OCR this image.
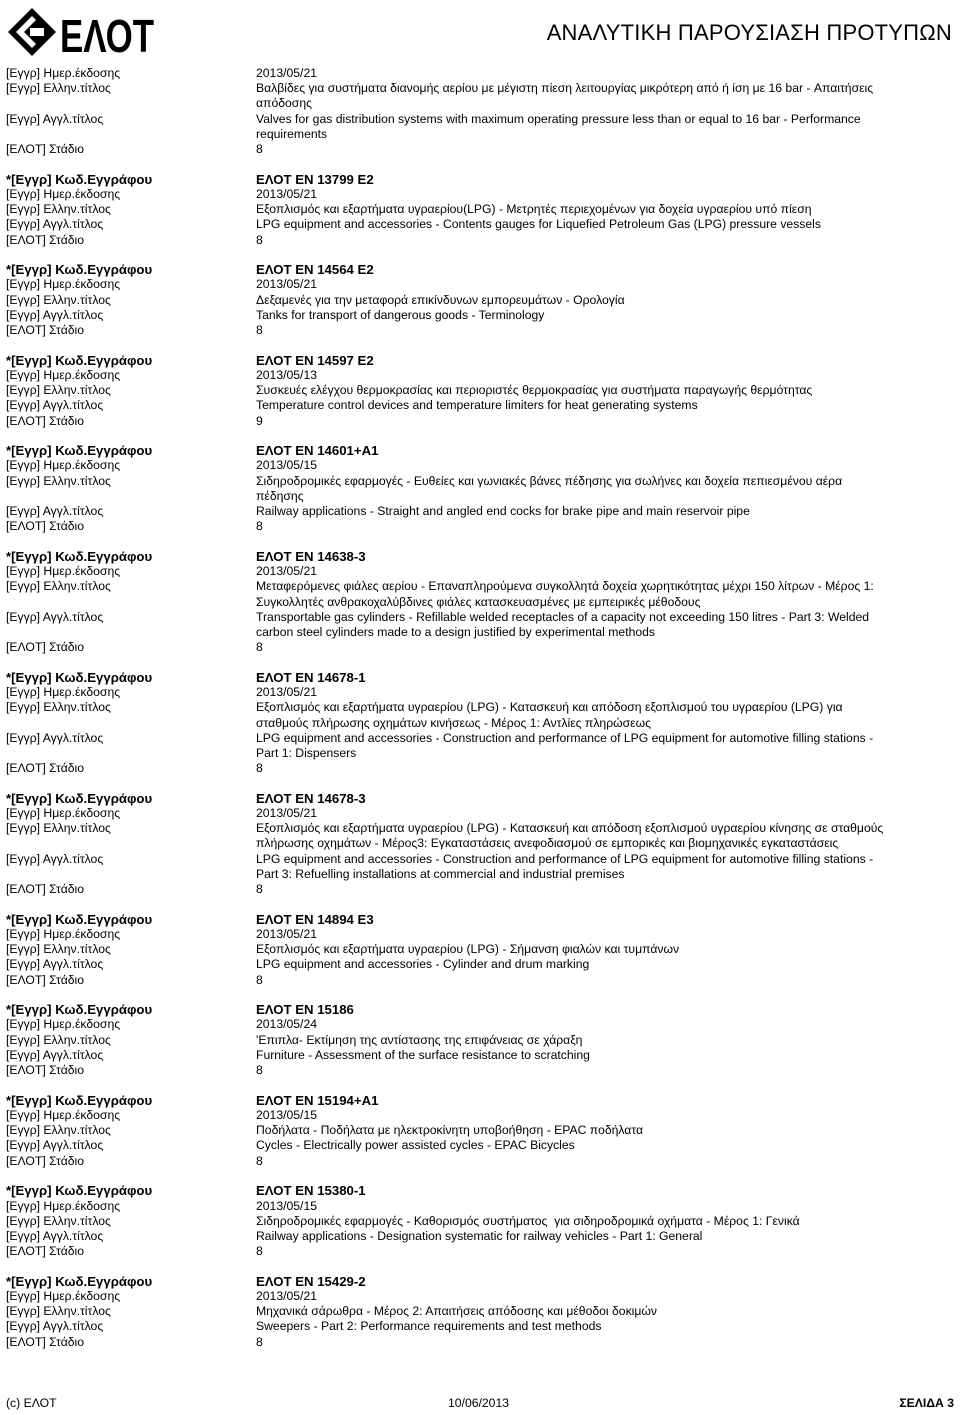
ΕΛΟΤ	ΑΝΑΛΥΤΙΚΗ ΠΑΡΟΥΣΙΑΣΗ ΠΡΟΤΥΠΩΝ
[Εγγρ] Ημερ.έκδοσης	2013/05/21
[Εγγρ] Ελλην.τίτλος	Βαλβίδες για συστήματα διανομής αερίου με μέγιστη πίεση λειτουργίας μικρότερη από ή ίση με 16 bar - Απαιτήσεις
απόδοσης
[Εγγρ] Αγγλ.τίτλος	Valves for gas distribution systems with maximum operating pressure less than or equal to 16 bar - Performance
requirements
[ΕΛΟΤ] Στάδιο	8
*[Εγγρ] Κωδ.Εγγράφου	ΕΛΟΤ EN 13799 E2
[Εγγρ] Ημερ.έκδοσης	2013/05/21
[Εγγρ] Ελλην.τίτλος	Εξοπλισμός και εξαρτήματα υγραερίου(LPG) - Μετρητές περιεχομένων για δοχεία υγραερίου υπό πίεση
[Εγγρ] Αγγλ.τίτλος	LPG equipment and accessories - Contents gauges for Liquefied Petroleum Gas (LPG) pressure vessels
[ΕΛΟΤ] Στάδιο	8
*[Εγγρ] Κωδ.Εγγράφου	ΕΛΟΤ EN 14564 E2
[Εγγρ] Ημερ.έκδοσης	2013/05/21
[Εγγρ] Ελλην.τίτλος	Δεξαμενές για την μεταφορά επικίνδυνων εμπορευμάτων - Ορολογία
[Εγγρ] Αγγλ.τίτλος	Tanks for transport of dangerous goods - Terminology
[ΕΛΟΤ] Στάδιο	8
*[Εγγρ] Κωδ.Εγγράφου	ΕΛΟΤ EN 14597 E2
[Εγγρ] Ημερ.έκδοσης	2013/05/13
[Εγγρ] Ελλην.τίτλος	Συσκευές ελέγχου θερμοκρασίας και περιοριστές θερμοκρασίας για συστήματα παραγωγής θερμότητας
[Εγγρ] Αγγλ.τίτλος	Temperature control devices and temperature limiters for heat generating systems
[ΕΛΟΤ] Στάδιο	9
*[Εγγρ] Κωδ.Εγγράφου	ΕΛΟΤ EN 14601+A1
[Εγγρ] Ημερ.έκδοσης	2013/05/15
[Εγγρ] Ελλην.τίτλος	Σιδηροδρομικές εφαρμογές - Ευθείες και γωνιακές βάνες πέδησης για σωλήνες και δοχεία πεπιεσμένου αέρα
πέδησης
[Εγγρ] Αγγλ.τίτλος	Railway applications - Straight and angled end cocks for brake pipe and main reservoir pipe
[ΕΛΟΤ] Στάδιο	8
*[Εγγρ] Κωδ.Εγγράφου	ΕΛΟΤ EN 14638-3
[Εγγρ] Ημερ.έκδοσης	2013/05/21
[Εγγρ] Ελλην.τίτλος	Μεταφερόμενες φιάλες αερίου - Επαναπληρούμενα συγκολλητά δοχεία χωρητικότητας μέχρι 150 λίτρων - Μέρος 1:
Συγκολλητές ανθρακοχαλύβδινες φιάλες κατασκευασμένες με εμπειρικές μέθοδους
[Εγγρ] Αγγλ.τίτλος	Transportable gas cylinders - Refillable welded receptacles of a capacity not exceeding 150 litres - Part 3: Welded
carbon steel cylinders made to a design justified by experimental methods
[ΕΛΟΤ] Στάδιο	8
*[Εγγρ] Κωδ.Εγγράφου	ΕΛΟΤ EN 14678-1
[Εγγρ] Ημερ.έκδοσης	2013/05/21
[Εγγρ] Ελλην.τίτλος	Εξοπλισμός και εξαρτήματα υγραερίου (LPG) - Κατασκευή και απόδοση εξοπλισμού του υγραερίου (LPG) για
σταθμούς πλήρωσης οχημάτων κινήσεως - Μέρος 1: Αντλίες πληρώσεως
[Εγγρ] Αγγλ.τίτλος	LPG equipment and accessories - Construction and performance of LPG equipment for automotive filling stations -
Part 1: Dispensers
[ΕΛΟΤ] Στάδιο	8
*[Εγγρ] Κωδ.Εγγράφου	ΕΛΟΤ EN 14678-3
[Εγγρ] Ημερ.έκδοσης	2013/05/21
[Εγγρ] Ελλην.τίτλος	Εξοπλισμός και εξαρτήματα υγραερίου (LPG) - Κατασκευή και απόδοση εξοπλισμού υγραερίου κίνησης σε σταθμούς
πλήρωσης οχημάτων - Μέρος3: Εγκαταστάσεις ανεφοδιασμού σε εμπορικές και βιομηχανικές εγκαταστάσεις
[Εγγρ] Αγγλ.τίτλος	LPG equipment and accessories - Construction and performance of LPG equipment for automotive filling stations -
Part 3: Refuelling installations at commercial and industrial premises
[ΕΛΟΤ] Στάδιο	8
*[Εγγρ] Κωδ.Εγγράφου	ΕΛΟΤ EN 14894 E3
[Εγγρ] Ημερ.έκδοσης	2013/05/21
[Εγγρ] Ελλην.τίτλος	Εξοπλισμός και εξαρτήματα υγραερίου (LPG) - Σήμανση φιαλών και τυμπάνων
[Εγγρ] Αγγλ.τίτλος	LPG equipment and accessories - Cylinder and drum marking
[ΕΛΟΤ] Στάδιο	8
*[Εγγρ] Κωδ.Εγγράφου	ΕΛΟΤ EN 15186
[Εγγρ] Ημερ.έκδοσης	2013/05/24
[Εγγρ] Ελλην.τίτλος	'Επιπλα- Εκτίμηση της αντίστασης της επιφάνειας σε χάραξη
[Εγγρ] Αγγλ.τίτλος	Furniture - Assessment of the surface resistance to scratching
[ΕΛΟΤ] Στάδιο	8
*[Εγγρ] Κωδ.Εγγράφου	ΕΛΟΤ EN 15194+A1
[Εγγρ] Ημερ.έκδοσης	2013/05/15
[Εγγρ] Ελλην.τίτλος	Ποδήλατα - Ποδήλατα με ηλεκτροκίνητη υποβοήθηση - EPAC ποδήλατα
[Εγγρ] Αγγλ.τίτλος	Cycles - Electrically power assisted cycles - EPAC Bicycles
[ΕΛΟΤ] Στάδιο	8
*[Εγγρ] Κωδ.Εγγράφου	ΕΛΟΤ EN 15380-1
[Εγγρ] Ημερ.έκδοσης	2013/05/15
[Εγγρ] Ελλην.τίτλος	Σιδηροδρομικές εφαρμογές - Καθορισμός συστήματος  για σιδηροδρομικά οχήματα - Μέρος 1: Γενικά
[Εγγρ] Αγγλ.τίτλος	Railway applications - Designation systematic for railway vehicles - Part 1: General
[ΕΛΟΤ] Στάδιο	8
*[Εγγρ] Κωδ.Εγγράφου	ΕΛΟΤ EN 15429-2
[Εγγρ] Ημερ.έκδοσης	2013/05/21
[Εγγρ] Ελλην.τίτλος	Μηχανικά σάρωθρα - Μέρος 2: Απαιτήσεις απόδοσης και μέθοδοι δοκιμών
[Εγγρ] Αγγλ.τίτλος	Sweepers - Part 2: Performance requirements and test methods
[ΕΛΟΤ] Στάδιο	8
(c) ΕΛΟΤ	10/06/2013	ΣΕΛΙΔΑ 3
